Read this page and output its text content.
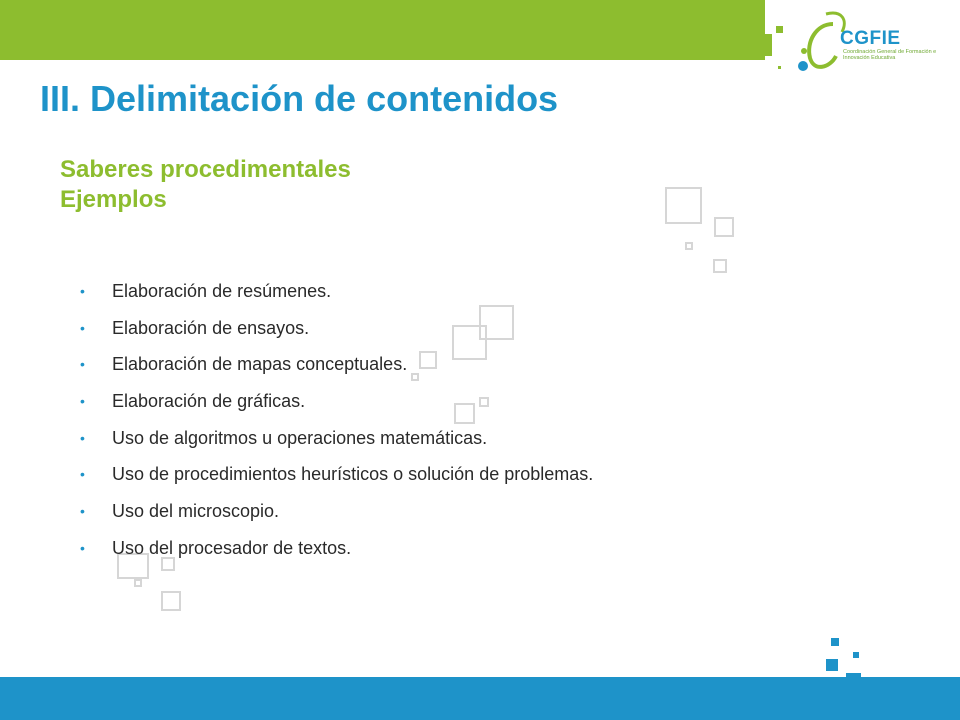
CGFIE
Coordinación General de Formación e Innovación Educativa
III. Delimitación de contenidos
Saberes procedimentales
Ejemplos
• Elaboración de resúmenes.
• Elaboración de ensayos.
• Elaboración de mapas conceptuales.
• Elaboración de gráficas.
• Uso de algoritmos u operaciones matemáticas.
• Uso de procedimientos heurísticos o solución de problemas.
• Uso del microscopio.
• Uso del procesador de textos.
